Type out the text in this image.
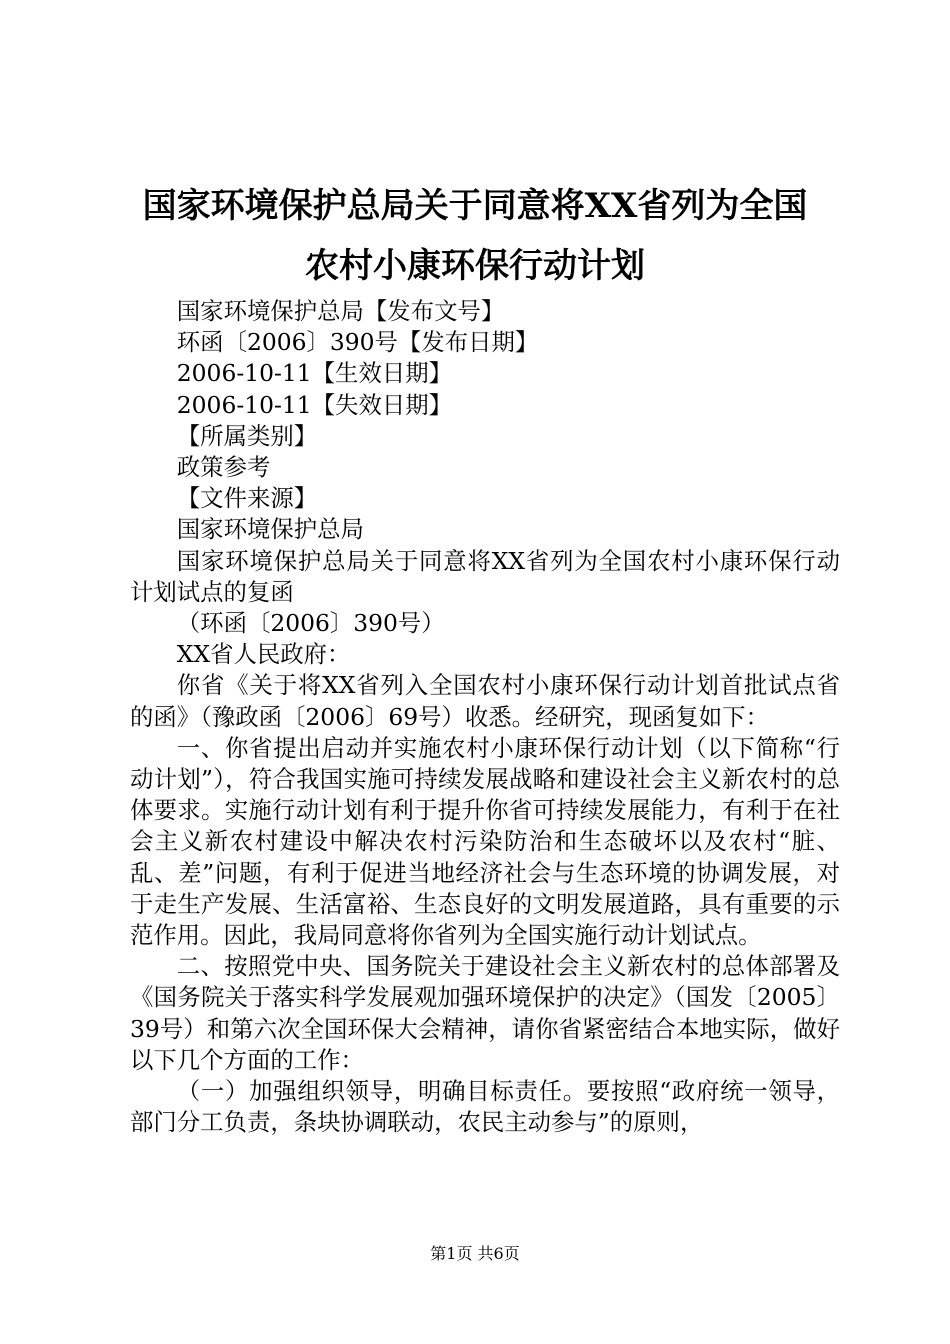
国家环境保护总局关于同意将XX省列为全国
农村小康环保行动计划

国家环境保护总局【发布文号】

环函〔2006〕390号【发布日期】

2006-10-11【生效日期】

2006-10-11【失效日期】

【所属类别】

政策参考

【文件来源】

国家环境保护总局

国家环境保护总局关于同意将XX省列为全国农村小康环保行动计划试点的复函

（环函〔2006〕390号）

XX省人民政府：

你省《关于将XX省列入全国农村小康环保行动计划首批试点省的函》（豫政函〔2006〕69号）收悉。经研究，现函复如下：

一、你省提出启动并实施农村小康环保行动计划（以下简称“行动计划”），符合我国实施可持续发展战略和建设社会主义新农村的总体要求。实施行动计划有利于提升你省可持续发展能力，有利于在社会主义新农村建设中解决农村污染防治和生态破坏以及农村“脏、乱、差”问题，有利于促进当地经济社会与生态环境的协调发展，对于走生产发展、生活富裕、生态良好的文明发展道路，具有重要的示范作用。因此，我局同意将你省列为全国实施行动计划试点。

二、按照党中央、国务院关于建设社会主义新农村的总体部署及《国务院关于落实科学发展观加强环境保护的决定》（国发〔2005〕39号）和第六次全国环保大会精神，请你省紧密结合本地实际，做好以下几个方面的工作：

（一）加强组织领导，明确目标责任。要按照“政府统一领导，部门分工负责，条块协调联动，农民主动参与”的原则，

第1页 共6页
